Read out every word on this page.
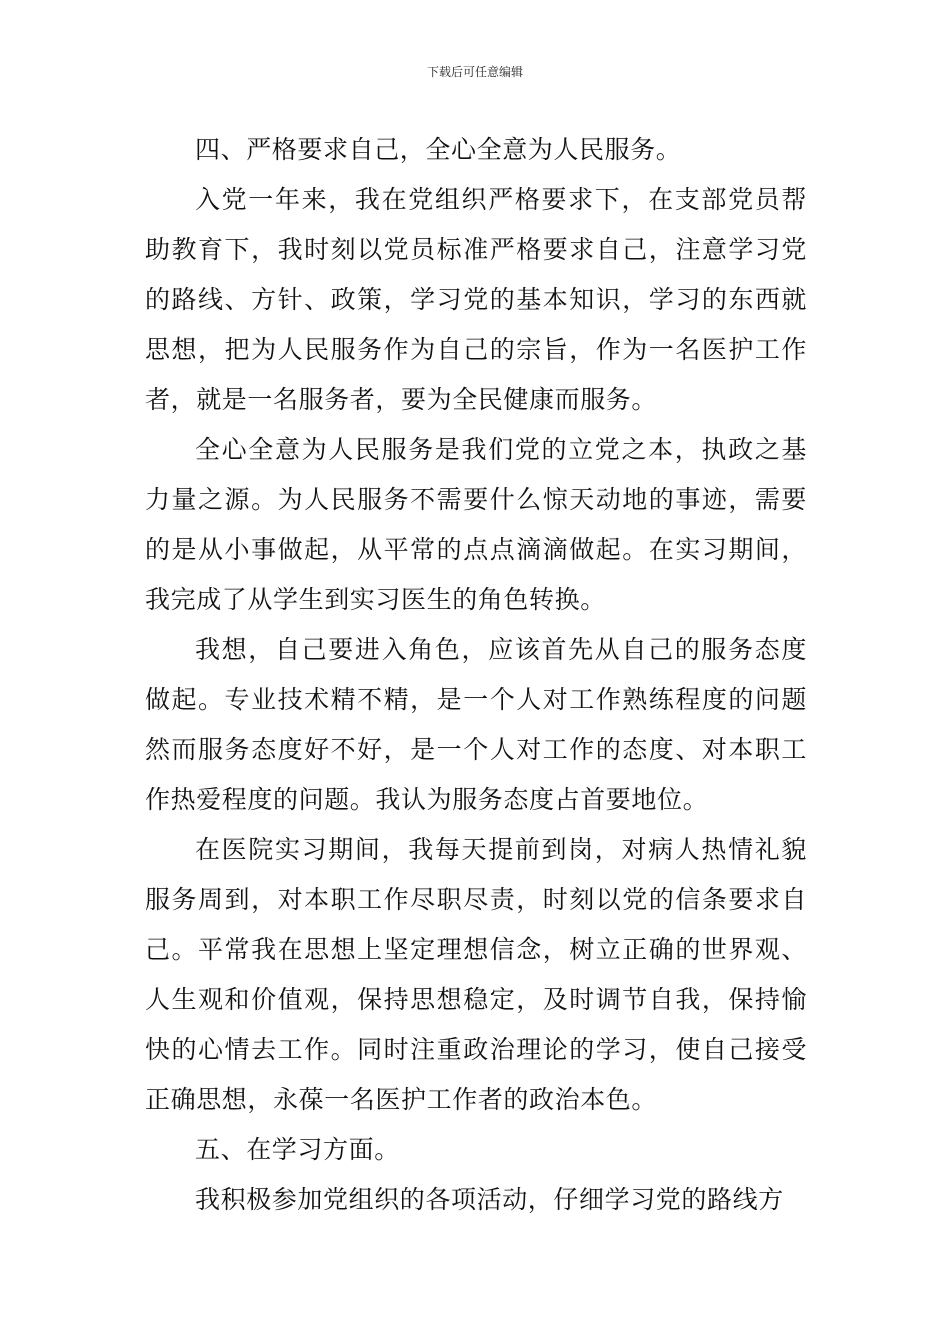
下载后可任意编辑

四、严格要求自己，全心全意为人民服务。

入党一年来，我在党组织严格要求下，在支部党员帮助教育下，我时刻以党员标准严格要求自己，注意学习党的路线、方针、政策，学习党的基本知识，学习的东西就思想，把为人民服务作为自己的宗旨，作为一名医护工作者，就是一名服务者，要为全民健康而服务。

全心全意为人民服务是我们党的立党之本，执政之基力量之源。为人民服务不需要什么惊天动地的事迹，需要的是从小事做起，从平常的点点滴滴做起。在实习期间，我完成了从学生到实习医生的角色转换。

我想，自己要进入角色，应该首先从自己的服务态度做起。专业技术精不精，是一个人对工作熟练程度的问题然而服务态度好不好，是一个人对工作的态度、对本职工作热爱程度的问题。我认为服务态度占首要地位。

在医院实习期间，我每天提前到岗，对病人热情礼貌服务周到，对本职工作尽职尽责，时刻以党的信条要求自己。平常我在思想上坚定理想信念，树立正确的世界观、人生观和价值观，保持思想稳定，及时调节自我，保持愉快的心情去工作。同时注重政治理论的学习，使自己接受正确思想，永葆一名医护工作者的政治本色。

五、在学习方面。

我积极参加党组织的各项活动，仔细学习党的路线方
